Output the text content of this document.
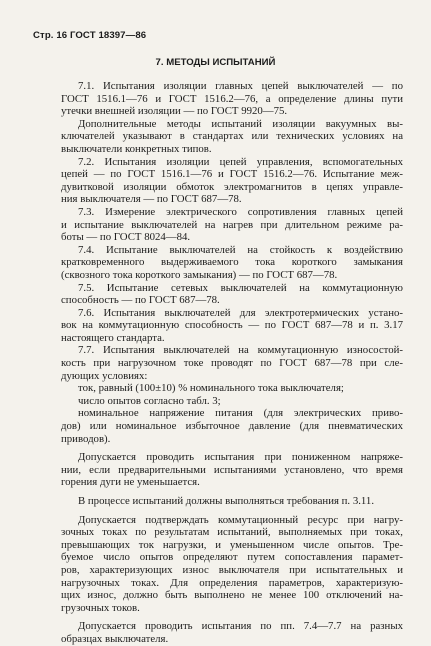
Стр. 16 ГОСТ 18397—86
7. МЕТОДЫ ИСПЫТАНИЙ

7.1. Испытания изоляции главных цепей выключателей — по
ГОСТ 1516.1—76 и ГОСТ 1516.2—76, а определение длины пути
утечки внешней изоляции — по ГОСТ 9920—75.

Дополнительные методы испытаний изоляции вакуумных вы-
ключателей указывают в стандартах или технических условиях на
выключатели конкретных типов.

7.2. Испытания изоляции цепей управления, вспомогательных
цепей — по ГОСТ 1516.1—76 и ГОСТ 1516.2—76. Испытание меж-
дувитковой изоляции обмоток электромагнитов в цепях управле-
ния выключателя — по ГОСТ 687—78.

7.3. Измерение электрического сопротивления главных цепей
и испытание выключателей на нагрев при длительном режиме ра-
боты — по ГОСТ 8024—84.

7.4. Испытание выключателей на стойкость к воздействию
кратковременного выдерживаемого тока короткого замыкания
(сквозного тока короткого замыкания) — по ГОСТ 687—78.

7.5. Испытание сетевых выключателей на коммутационную
способность — по ГОСТ 687—78.

7.6. Испытания выключателей для электротермических устано-
вок на коммутационную способность — по ГОСТ 687—78 и п. 3.17
настоящего стандарта.

7.7. Испытания выключателей на коммутационную износостой-
кость при нагрузочном токе проводят по ГОСТ 687—78 при сле-
дующих условиях:

ток, равный (100±10) % номинального тока выключателя;

число опытов согласно табл. 3;

номинальное напряжение питания (для электрических приво-
дов) или номинальное избыточное давление (для пневматических
приводов).

Допускается проводить испытания при пониженном напряже-
нии, если предварительными испытаниями установлено, что время
горения дуги не уменьшается.

В процессе испытаний должны выполняться требования п. 3.11.

Допускается подтверждать коммутационный ресурс при нагру-
зочных токах по результатам испытаний, выполняемых при токах,
превышающих ток нагрузки, и уменьшенном числе опытов. Тре-
буемое число опытов определяют путем сопоставления парамет-
ров, характеризующих износ выключателя при испытательных и
нагрузочных токах. Для определения параметров, характеризую-
щих износ, должно быть выполнено не менее 100 отключений на-
грузочных токов.

Допускается проводить испытания по пп. 7.4—7.7 на разных
образцах выключателя.
